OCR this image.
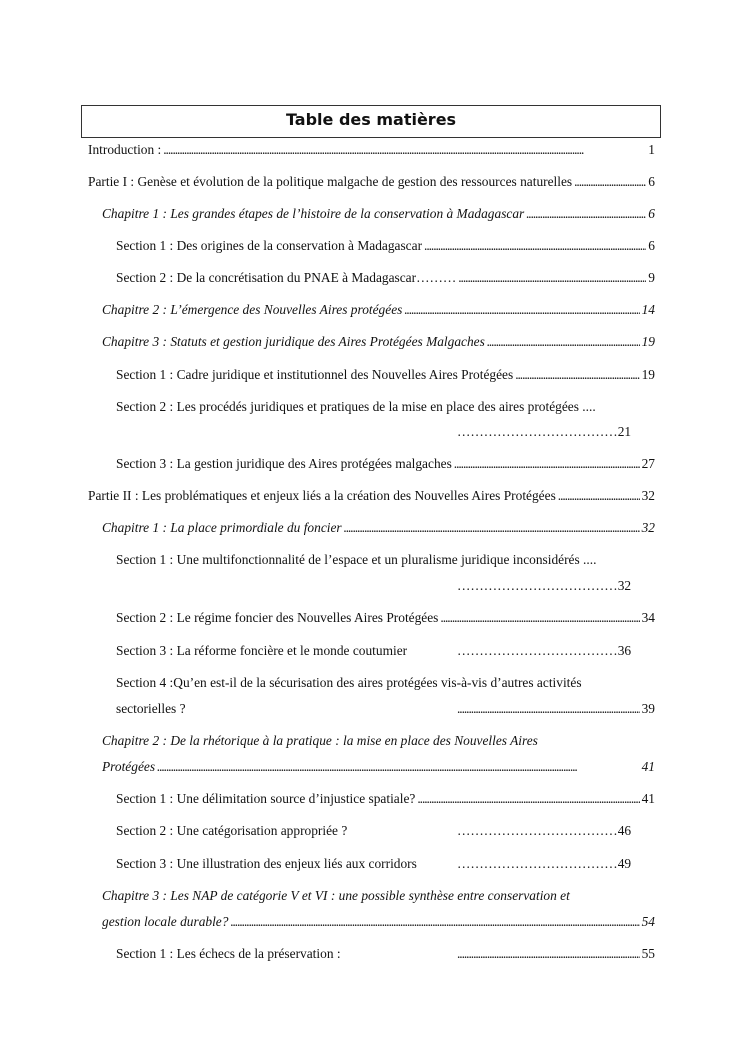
Table des matières
Introduction : . . .	1
Partie I : Genèse et évolution de la politique malgache de gestion des ressources naturelles . . .	6
Chapitre 1 : Les grandes étapes de l’histoire de la conservation à Madagascar . . .	6
Section 1 : Des origines de la conservation à Madagascar . . .	6
Section 2 : De la concrétisation du PNAE à Madagascar ……… . . .	9
Chapitre 2 : L’émergence des Nouvelles Aires protégées . . .	14
Chapitre 3 : Statuts et gestion juridique des Aires Protégées Malgaches . . .	19
Section 1 : Cadre juridique et institutionnel des Nouvelles Aires Protégées . . .	19
Section 2 : Les procédés juridiques et pratiques de la mise en place des aires protégées ....
………………………………21
Section 3 : La gestion juridique des Aires protégées malgaches . . .	27
Partie II : Les problématiques et enjeux liés a la création des Nouvelles Aires Protégées . . .	32
Chapitre 1 : La place primordiale du foncier . . .	32
Section 1 : Une multifonctionnalité de l’espace et un pluralisme juridique inconsidérés ....
………………………………32
Section 2 : Le régime foncier des Nouvelles Aires Protégées . . .	34
Section 3 : La réforme foncière et le monde coutumier	………………………………36
Section 4 :Qu’en est-il de la sécurisation des aires protégées vis-à-vis d’autres activités
sectorielles ? . . .	39
Chapitre 2 : De la rhétorique à la pratique : la mise en place des Nouvelles Aires
Protégées . . .	41
Section 1 : Une délimitation source d’injustice spatiale? . . .	41
Section 2 : Une catégorisation appropriée ?	………………………………46
Section 3 : Une illustration des enjeux liés aux corridors	………………………………49
Chapitre 3 : Les NAP de catégorie V et VI : une possible synthèse entre conservation et
gestion locale durable? . . .	54
Section 1 : Les échecs de la préservation : . . .	55
